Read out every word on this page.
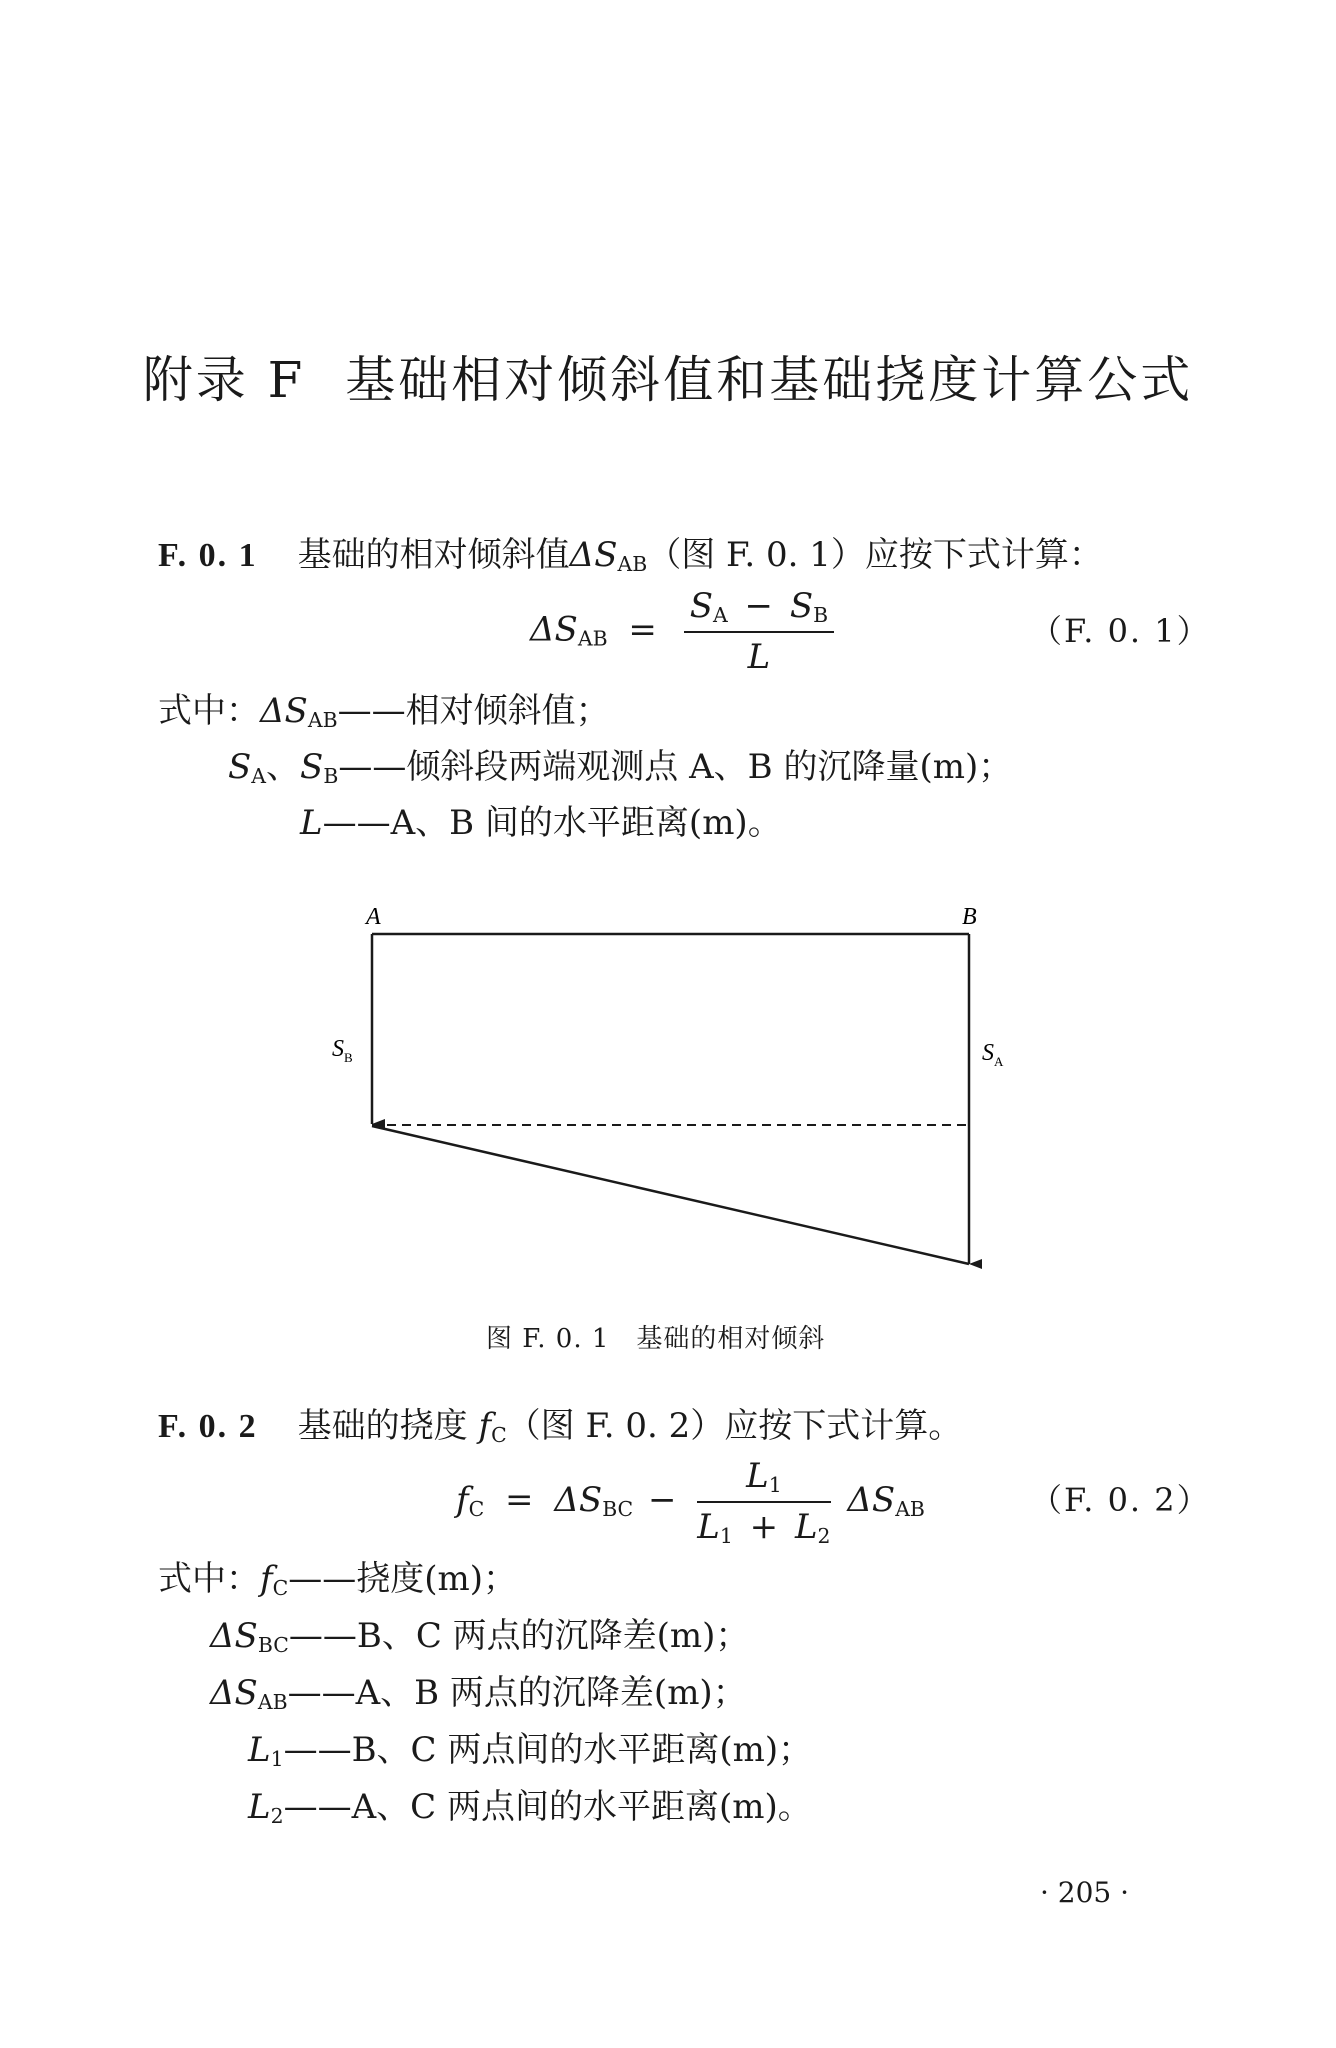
附录 F 基础相对倾斜值和基础挠度计算公式
F. 0. 1 基础的相对倾斜值$\Delta S_{AB}$（图 F. 0. 1）应按下式计算：
$\Delta S_{AB} = \frac{S_A - S_B}{L}$	（F. 0. 1）
式中：$\Delta S_{AB}——$相对倾斜值；
$S_A$、$S_B——$倾斜段两端观测点 A、B 的沉降量(m)；
L——A、B 间的水平距离(m)。
A	B
$S_B$	$S_A$
图 F. 0. 1　基础的相对倾斜
F. 0. 2 基础的挠度 $f_C$（图 F. 0. 2）应按下式计算。
$f_C = \Delta S_{BC} - \frac{L_1}{L_1 + L_2} \Delta S_{AB}$	（F. 0. 2）
式中：$f_C——$挠度(m)；
$\Delta S_{BC}——B$、C 两点的沉降差(m)；
$\Delta S_{AB}——A$、B 两点的沉降差(m)；
$L_1——B$、C 两点间的水平距离(m)；
$L_2——A$、C 两点间的水平距离(m)。
· 205 ·
